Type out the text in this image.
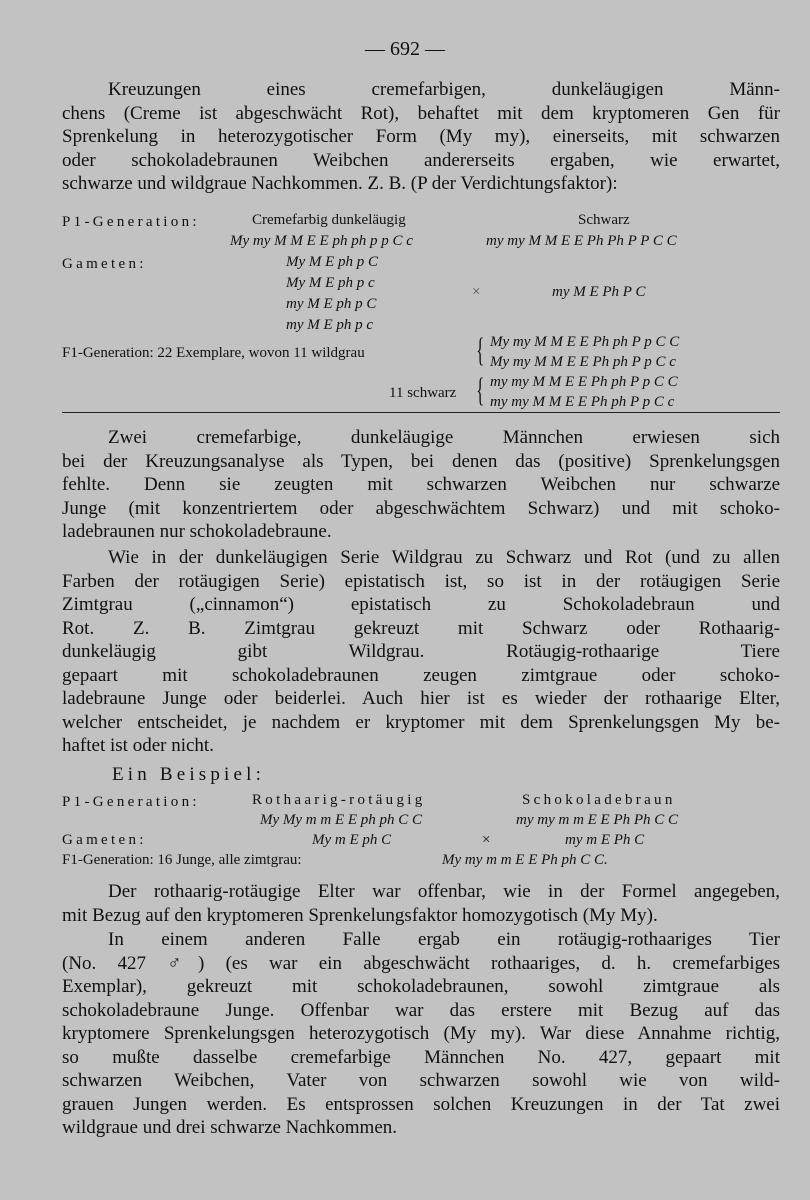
— 692 —
Kreuzungen eines cremefarbigen, dunkeläugigen Männ-
chens (Creme ist abgeschwächt Rot), behaftet mit dem kryptomeren Gen für
Sprenkelung in heterozygotischer Form (My my), einerseits, mit schwarzen
oder schokoladebraunen Weibchen andererseits ergaben, wie erwartet,
schwarze und wildgraue Nachkommen. Z. B. (P der Verdichtungsfaktor):
P1-Generation:	Cremefarbig dunkeläugig	Schwarz
My my M M E E ph ph p p C c	my my M M E E Ph Ph P P C C
Gameten:	My M E ph p C
My M E ph p c
my M E ph p C
my M E ph p c
×	my M E Ph P C
F1-Generation: 22 Exemplare, wovon 11 wildgrau	{ My my M M E E Ph ph P p C C
My my M M E E Ph ph P p C c
11 schwarz { my my M M E E Ph ph P p C C
my my M M E E Ph ph P p C c
Zwei cremefarbige, dunkeläugige Männchen erwiesen sich
bei der Kreuzungsanalyse als Typen, bei denen das (positive) Sprenkelungsgen
fehlte. Denn sie zeugten mit schwarzen Weibchen nur schwarze
Junge (mit konzentriertem oder abgeschwächtem Schwarz) und mit schoko-
ladebraunen nur schokoladebraune.
Wie in der dunkeläugigen Serie Wildgrau zu Schwarz und Rot (und zu allen
Farben der rotäugigen Serie) epistatisch ist, so ist in der rotäugigen Serie
Zimtgrau („cinnamon“) epistatisch zu Schokoladebraun und
Rot. Z. B. Zimtgrau gekreuzt mit Schwarz oder Rothaarig-
dunkeläugig gibt Wildgrau. Rotäugig-rothaarige Tiere
gepaart mit schokoladebraunen zeugen zimtgraue oder schoko-
ladebraune Junge oder beiderlei. Auch hier ist es wieder der rothaarige Elter,
welcher entscheidet, je nachdem er kryptomer mit dem Sprenkelungsgen My be-
haftet ist oder nicht.
Ein Beispiel:
P1-Generation:	Rothaarig-rotäugig	Schokoladebraun
My My m m E E ph ph C C	my my m m E E Ph Ph C C
Gameten:	My m E ph C	×	my m E Ph C
F1-Generation: 16 Junge, alle zimtgrau:	My my m m E E Ph ph C C.
Der rothaarig-rotäugige Elter war offenbar, wie in der Formel angegeben,
mit Bezug auf den kryptomeren Sprenkelungsfaktor homozygotisch (My My).
In einem anderen Falle ergab ein rotäugig-rothaariges Tier
(No. 427 ♂) (es war ein abgeschwächt rothaariges, d. h. cremefarbiges
Exemplar), gekreuzt mit schokoladebraunen, sowohl zimtgraue als
schokoladebraune Junge. Offenbar war das erstere mit Bezug auf das
kryptomere Sprenkelungsgen heterozygotisch (My my). War diese Annahme richtig,
so mußte dasselbe cremefarbige Männchen No. 427, gepaart mit
schwarzen Weibchen, Vater von schwarzen sowohl wie von wild-
grauen Jungen werden. Es entsprossen solchen Kreuzungen in der Tat zwei
wildgraue und drei schwarze Nachkommen.
